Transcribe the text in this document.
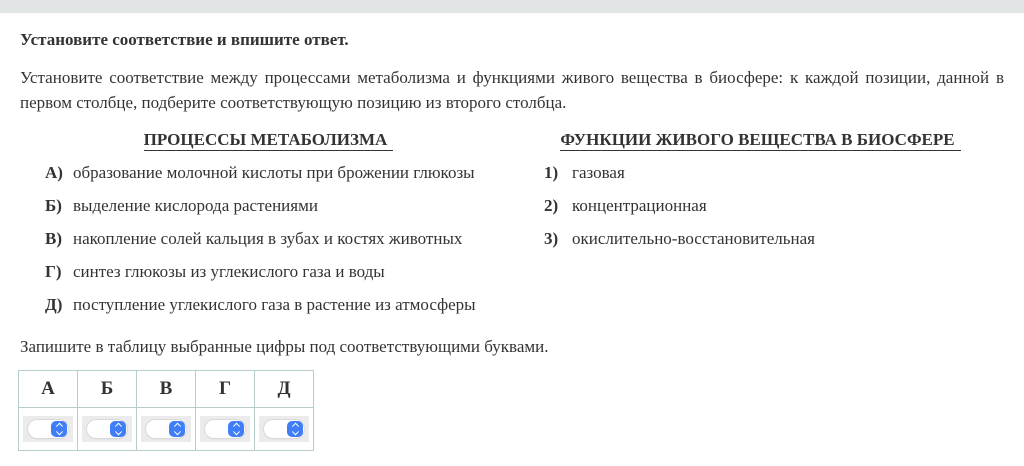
Установите соответствие и впишите ответ.

Установите соответствие между процессами метаболизма и функциями живого вещества в биосфере: к каждой позиции, данной в первом столбце, подберите соответствующую позицию из второго столбца.

ПРОЦЕССЫ МЕТАБОЛИЗМА
А) образование молочной кислоты при брожении глюкозы
Б) выделение кислорода растениями
В) накопление солей кальция в зубах и костях животных
Г) синтез глюкозы из углекислого газа и воды
Д) поступление углекислого газа в растение из атмосферы
ФУНКЦИИ ЖИВОГО ВЕЩЕСТВА В БИОСФЕРЕ
1) газовая
2) концентрационная
3) окислительно-восстановительная

Запишите в таблицу выбранные цифры под соответствующими буквами.

А	Б	В	Г	Д
